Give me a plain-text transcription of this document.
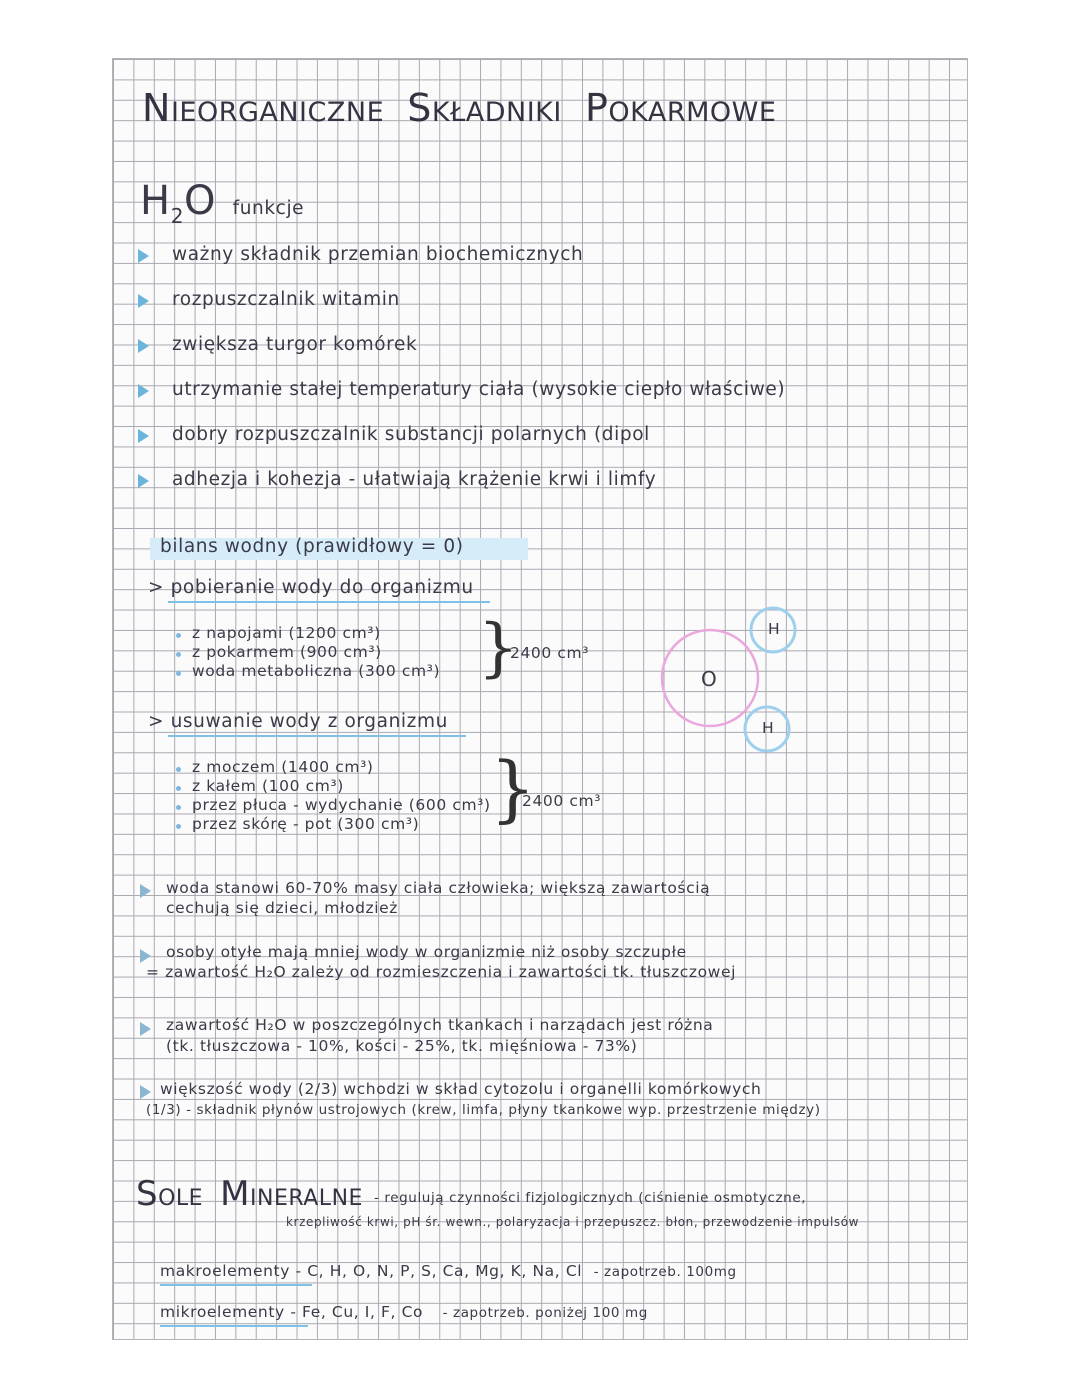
NIEORGANICZNE SKŁADNIKI POKARMOWE
$H_2O$ funkcje
ważny składnik przemian biochemicznych
rozpuszczalnik witamin
zwiększa turgor komórek
utrzymanie stałej temperatury ciała (wysokie ciepło właściwe)
dobry rozpuszczalnik substancji polarnych (dipol
adhezja i kohezja - ułatwiają krążenie krwi i limfy
bilans wodny (prawidłowy = 0)
> pobieranie wody do organizmu
z napojami (1200 cm³)
z pokarmem (900 cm³)
woda metaboliczna (300 cm³) }
2400 cm³
> usuwanie wody z organizmu
z moczem (1400 cm³)
z kałem (100 cm³)
przez płuca - wydychanie (600 cm³)
przez skórę - pot (300 cm³) }
2400 cm³
O
H
H
woda stanowi 60-70% masy ciała człowieka; większą zawartością
cechują się dzieci, młodzież
osoby otyłe mają mniej wody w organizmie niż osoby szczupłe
= zawartość H₂O zależy od rozmieszczenia i zawartości tk. tłuszczowej
zawartość H₂O w poszczególnych tkankach i narządach jest różna
(tk. tłuszczowa - 10%, kości - 25%, tk. mięśniowa - 73%)
większość wody (2/3) wchodzi w skład cytozolu i organelli komórkowych
(1/3) - składnik płynów ustrojowych (krew, limfa, płyny tkankowe wyp. przestrzenie między)
SOLE MINERALNE - regulują czynności fizjologicznych (ciśnienie osmotyczne,
krzepliwość krwi, pH śr. wewn., polaryzacja i przepuszcz. błon, przewodzenie impulsów
makroelementy - C, H, O, N, P, S, Ca, Mg, K, Na, Cl - zapotrzeb. 100mg
mikroelementy - Fe, Cu, I, F, Co - zapotrzeb. poniżej 100 mg
